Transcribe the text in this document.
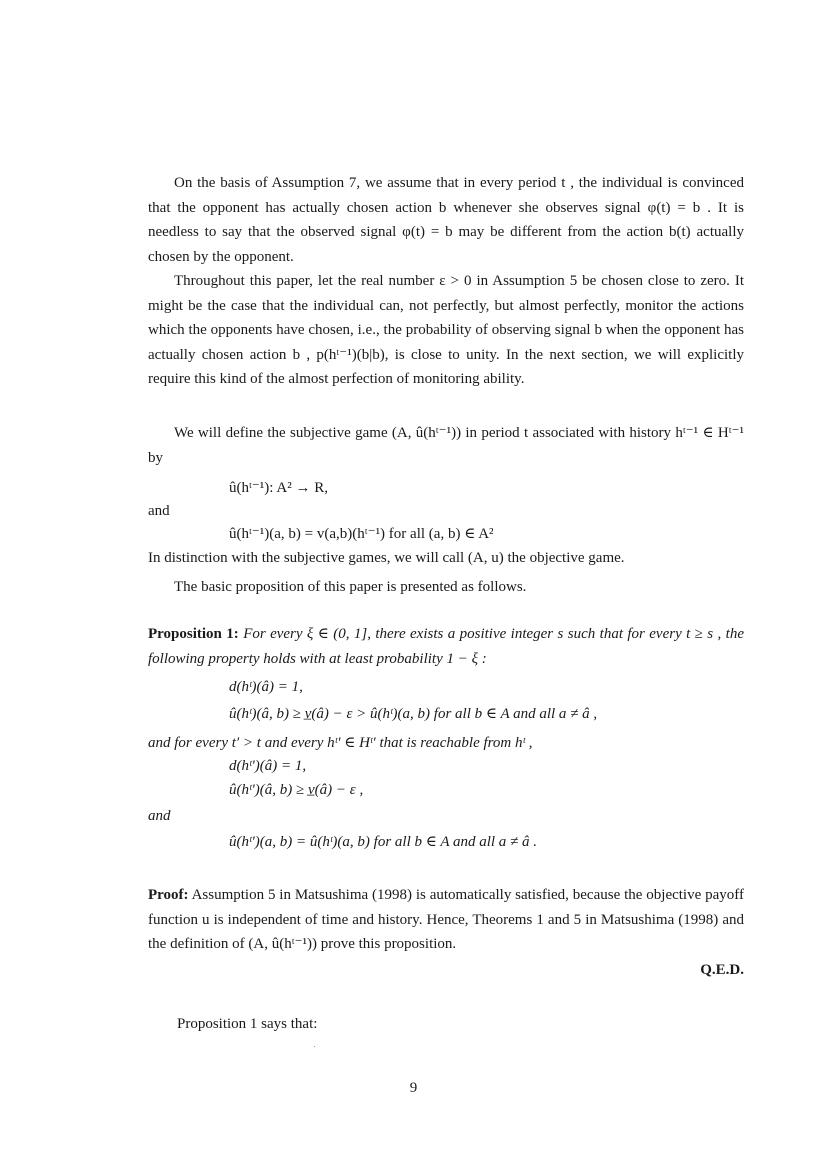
On the basis of Assumption 7, we assume that in every period t , the individual is convinced that the opponent has actually chosen action b whenever she observes signal φ(t) = b . It is needless to say that the observed signal φ(t) = b may be different from the action b(t) actually chosen by the opponent.

Throughout this paper, let the real number ε > 0 in Assumption 5 be chosen close to zero. It might be the case that the individual can, not perfectly, but almost perfectly, monitor the actions which the opponents have chosen, i.e., the probability of observing signal b when the opponent has actually chosen action b , p(hᵗ⁻¹)(b|b), is close to unity. In the next section, we will explicitly require this kind of the almost perfection of monitoring ability.

We will define the subjective game (A, û(hᵗ⁻¹)) in period t associated with history hᵗ⁻¹ ∈ Hᵗ⁻¹ by

û(hᵗ⁻¹): A² → R,
and
û(hᵗ⁻¹)(a, b) = v(a,b)(hᵗ⁻¹) for all (a, b) ∈ A²
In distinction with the subjective games, we will call (A, u) the objective game.
The basic proposition of this paper is presented as follows.

Proposition 1: For every ξ ∈ (0, 1], there exists a positive integer s such that for every t ≥ s , the following property holds with at least probability 1 − ξ :

d(hᵗ)(â) = 1,
û(hᵗ)(â, b) ≥ v̲(â) − ε > û(hᵗ)(a, b) for all b ∈ A and all a ≠ â ,
and for every t′ > t and every hᵗ′ ∈ Hᵗ′ that is reachable from hᵗ ,
d(hᵗ′)(â) = 1,
û(hᵗ′)(â, b) ≥ v̲(â) − ε ,
and
û(hᵗ′)(a, b) = û(hᵗ)(a, b) for all b ∈ A and all a ≠ â .

Proof: Assumption 5 in Matsushima (1998) is automatically satisfied, because the objective payoff function u is independent of time and history. Hence, Theorems 1 and 5 in Matsushima (1998) and the definition of (A, û(hᵗ⁻¹)) prove this proposition.

Q.E.D.
Proposition 1 says that:
9
